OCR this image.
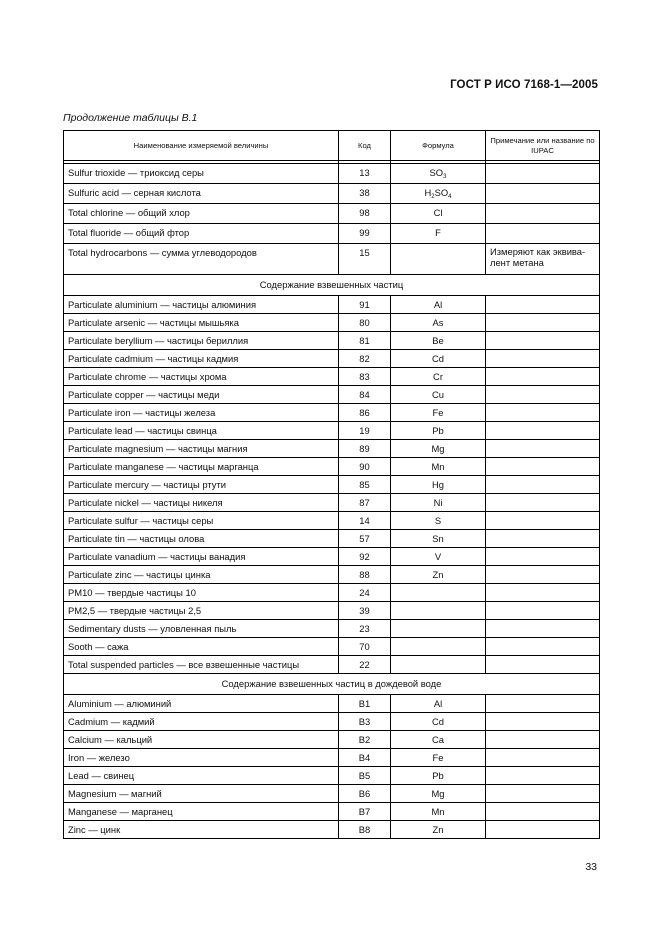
ГОСТ Р ИСО 7168-1—2005
Продолжение таблицы В.1
Наименование измеряемой величины	Код	Формула	Примечание или название по IUPAC

Sulfur trioxide — триоксид серы	13	$SO_3$	
Sulfuric acid — серная кислота	38	$H_2SO_4$	
Total chlorine — общий хлор	98	Cl	
Total fluoride — общий фтор	99	F	
Total hydrocarbons — сумма углеводородов	15		Измеряют как эквива-лент метана
Содержание взвешенных частиц			
Particulate aluminium — частицы алюминия	91	Al	
Particulate arsenic — частицы мышьяка	80	As	
Particulate beryllium — частицы бериллия	81	Be	
Particulate cadmium — частицы кадмия	82	Cd	
Particulate chrome — частицы хрома	83	Cr	
Particulate copper — частицы меди	84	Cu	
Particulate iron — частицы железа	86	Fe	
Particulate lead — частицы свинца	19	Pb	
Particulate magnesium — частицы магния	89	Mg	
Particulate manganese — частицы марганца	90	Mn	
Particulate mercury — частицы ртути	85	Hg	
Particulate nickel — частицы никеля	87	Ni	
Particulate sulfur — частицы серы	14	S	
Particulate tin — частицы олова	57	Sn	
Particulate vanadium — частицы ванадия	92	V	
Particulate zinc — частицы цинка	88	Zn	
PM10 — твердые частицы 10	24		
PM2,5 — твердые частицы 2,5	39		
Sedimentary dusts — уловленная пыль	23		
Sooth — сажа	70		
Total suspended particles — все взвешенные частицы	22		
Содержание взвешенных частиц в дождевой воде			
Aluminium — алюминий	B1	Al	
Cadmium — кадмий	B3	Cd	
Calcium — кальций	B2	Ca	
Iron — железо	B4	Fe	
Lead — свинец	B5	Pb	
Magnesium — магний	B6	Mg	
Manganese — марганец	B7	Mn	
Zinc — цинк	B8	Zn	
33
